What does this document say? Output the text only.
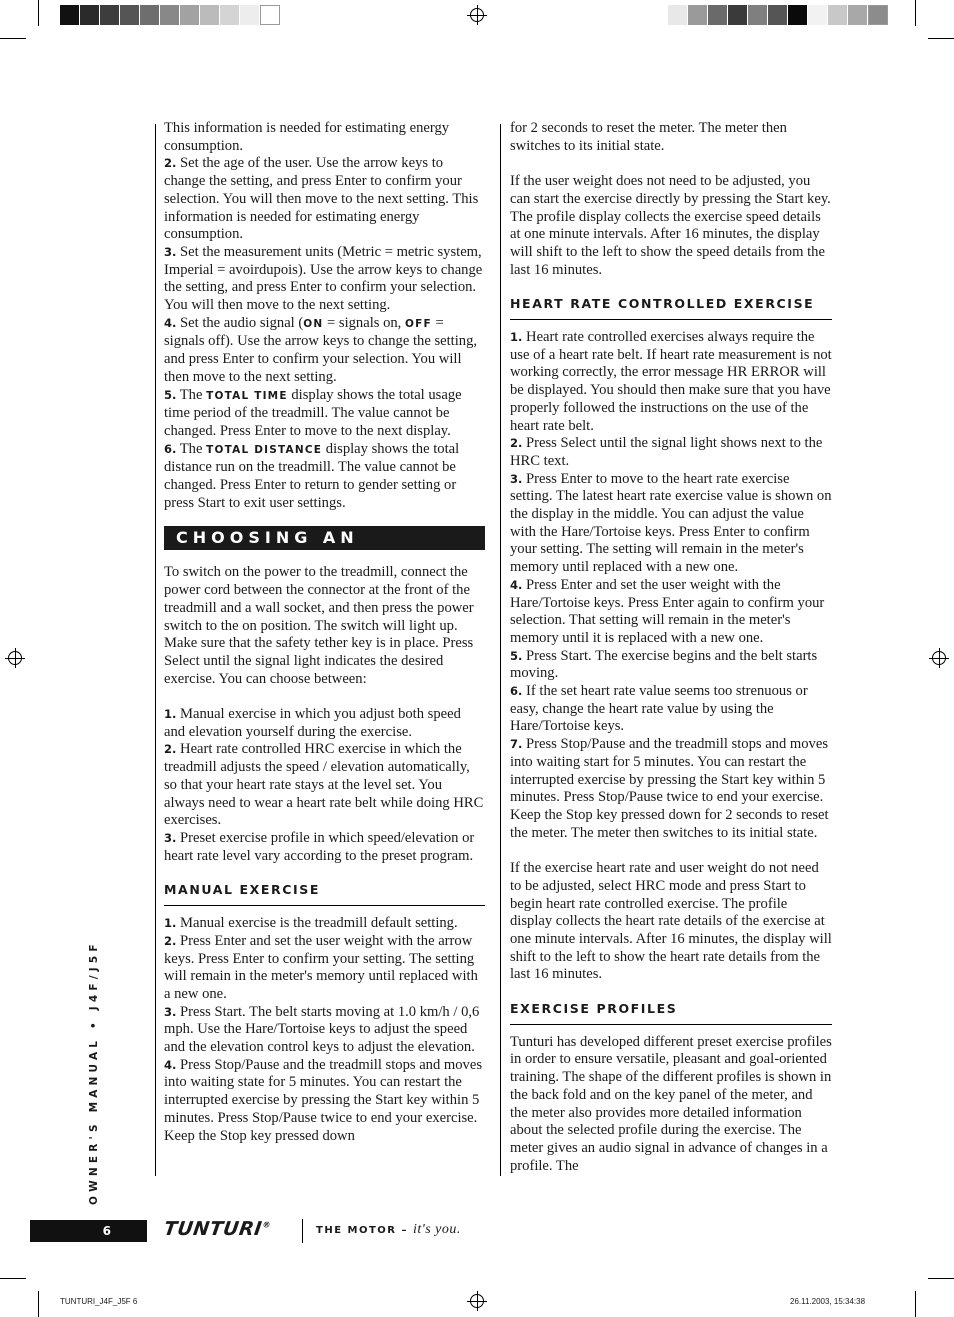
This information is needed for estimating energy consumption.

2. Set the age of the user. Use the arrow keys to change the setting, and press Enter to confirm your selection. You will then move to the next setting. This information is needed for estimating energy consumption.

3. Set the measurement units (Metric = metric system, Imperial = avoirdupois). Use the arrow keys to change the setting, and press Enter to confirm your selection. You will then move to the next setting.

4. Set the audio signal (ON = signals on, OFF = signals off). Use the arrow keys to change the setting, and press Enter to confirm your selection. You will then move to the next setting.

5. The TOTAL TIME display shows the total usage time period of the treadmill. The value cannot be changed. Press Enter to move to the next display.

6. The TOTAL DISTANCE display shows the total distance run on the treadmill. The value cannot be changed. Press Enter to return to gender setting or press Start to exit user settings.

CHOOSING AN EXERCISE

To switch on the power to the treadmill, connect the power cord between the connector at the front of the treadmill and a wall socket, and then press the power switch to the on position. The switch will light up. Make sure that the safety tether key is in place. Press Select until the signal light indicates the desired exercise. You can choose between:

1. Manual exercise in which you adjust both speed and elevation yourself during the exercise.

2. Heart rate controlled HRC exercise in which the treadmill adjusts the speed / elevation automatically, so that your heart rate stays at the level set. You always need to wear a heart rate belt while doing HRC exercises.

3. Preset exercise profile in which speed/elevation or heart rate level vary according to the preset program.

MANUAL EXERCISE

1. Manual exercise is the treadmill default setting.

2. Press Enter and set the user weight with the arrow keys. Press Enter to confirm your setting. The setting will remain in the meter's memory until replaced with a new one.

3. Press Start. The belt starts moving at 1.0 km/h / 0,6 mph. Use the Hare/Tortoise keys to adjust the speed and the elevation control keys to adjust the elevation.

4. Press Stop/Pause and the treadmill stops and moves into waiting state for 5 minutes. You can restart the interrupted exercise by pressing the Start key within 5 minutes. Press Stop/Pause twice to end your exercise. Keep the Stop key pressed down

for 2 seconds to reset the meter. The meter then switches to its initial state.

If the user weight does not need to be adjusted, you can start the exercise directly by pressing the Start key. The profile display collects the exercise speed details at one minute intervals. After 16 minutes, the display will shift to the left to show the speed details from the last 16 minutes.

HEART RATE CONTROLLED EXERCISE

1. Heart rate controlled exercises always require the use of a heart rate belt. If heart rate measurement is not working correctly, the error message HR ERROR will be displayed. You should then make sure that you have properly followed the instructions on the use of the heart rate belt.

2. Press Select until the signal light shows next to the HRC text.

3. Press Enter to move to the heart rate exercise setting. The latest heart rate exercise value is shown on the display in the middle. You can adjust the value with the Hare/Tortoise keys. Press Enter to confirm your setting. The setting will remain in the meter's memory until replaced with a new one.

4. Press Enter and set the user weight with the Hare/Tortoise keys. Press Enter again to confirm your selection. That setting will remain in the meter's memory until it is replaced with a new one.

5. Press Start. The exercise begins and the belt starts moving.

6. If the set heart rate value seems too strenuous or easy, change the heart rate value by using the Hare/Tortoise keys.

7. Press Stop/Pause and the treadmill stops and moves into waiting start for 5 minutes. You can restart the interrupted exercise by pressing the Start key within 5 minutes. Press Stop/Pause twice to end your exercise. Keep the Stop key pressed down for 2 seconds to reset the meter. The meter then switches to its initial state.

If the exercise heart rate and user weight do not need to be adjusted, select HRC mode and press Start to begin heart rate controlled exercise. The profile display collects the heart rate details of the exercise at one minute intervals. After 16 minutes, the display will shift to the left to show the heart rate details from the last 16 minutes.

EXERCISE PROFILES

Tunturi has developed different preset exercise profiles in order to ensure versatile, pleasant and goal-oriented training. The shape of the different profiles is shown in the back fold and on the key panel of the meter, and the meter also provides more detailed information about the selected profile during the exercise. The meter gives an audio signal in advance of changes in a profile. The

OWNER'S MANUAL • J4F/J5F
6	TUNTURI®	THE MOTOR – it's you.
TUNTURI_J4F_J5F 6	26.11.2003, 15:34:38
